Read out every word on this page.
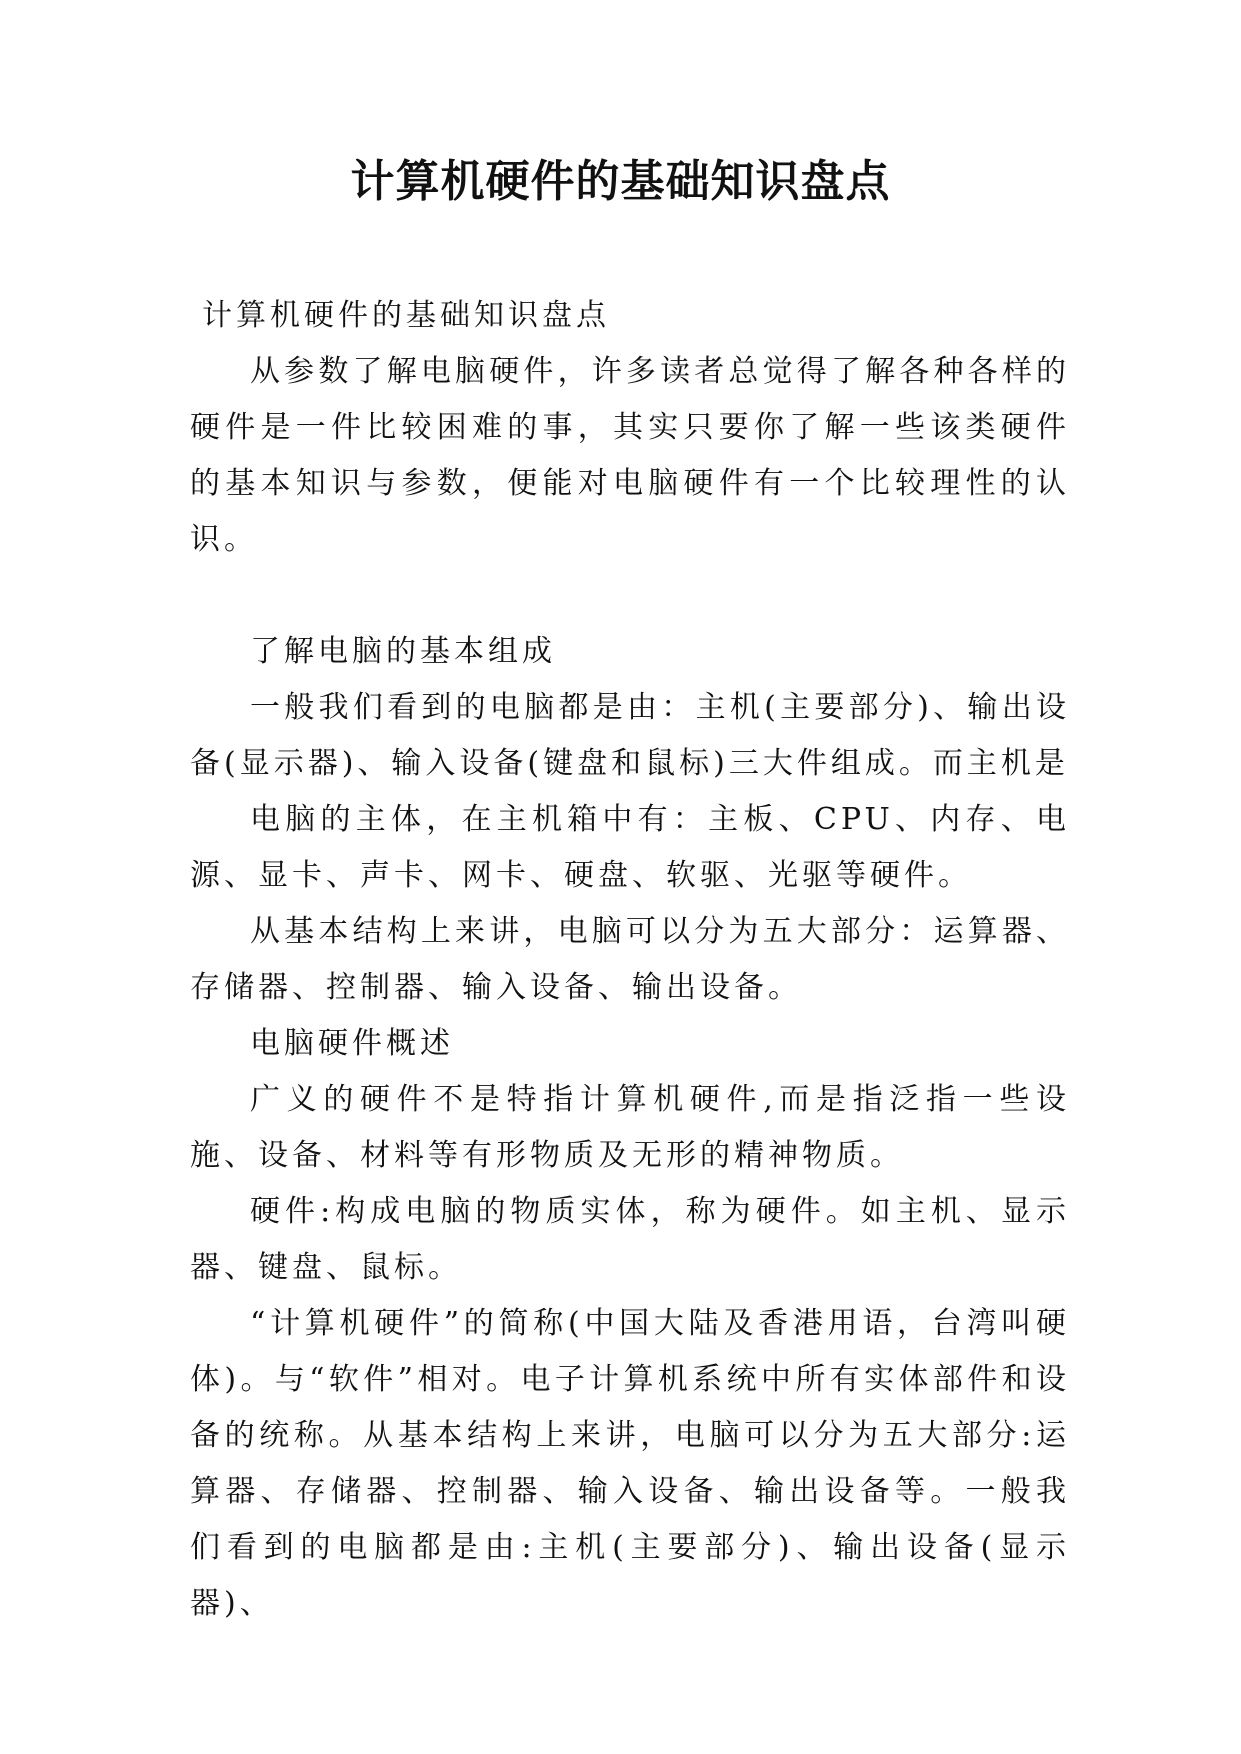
计算机硬件的基础知识盘点

计算机硬件的基础知识盘点

从参数了解电脑硬件，许多读者总觉得了解各种各样的硬件是一件比较困难的事，其实只要你了解一些该类硬件的基本知识与参数，便能对电脑硬件有一个比较理性的认识。

了解电脑的基本组成

一般我们看到的电脑都是由：主机(主要部分)、输出设备(显示器)、输入设备(键盘和鼠标)三大件组成。而主机是

电脑的主体，在主机箱中有：主板、CPU、内存、电源、显卡、声卡、网卡、硬盘、软驱、光驱等硬件。

从基本结构上来讲，电脑可以分为五大部分：运算器、存储器、控制器、输入设备、输出设备。

电脑硬件概述

广义的硬件不是特指计算机硬件,而是指泛指一些设施、设备、材料等有形物质及无形的精神物质。

硬件:构成电脑的物质实体，称为硬件。如主机、显示器、键盘、鼠标。

“计算机硬件”的简称(中国大陆及香港用语，台湾叫硬体)。与“软件”相对。电子计算机系统中所有实体部件和设备的统称。从基本结构上来讲，电脑可以分为五大部分:运算器、存储器、控制器、输入设备、输出设备等。一般我们看到的电脑都是由:主机(主要部分)、输出设备(显示器)、
